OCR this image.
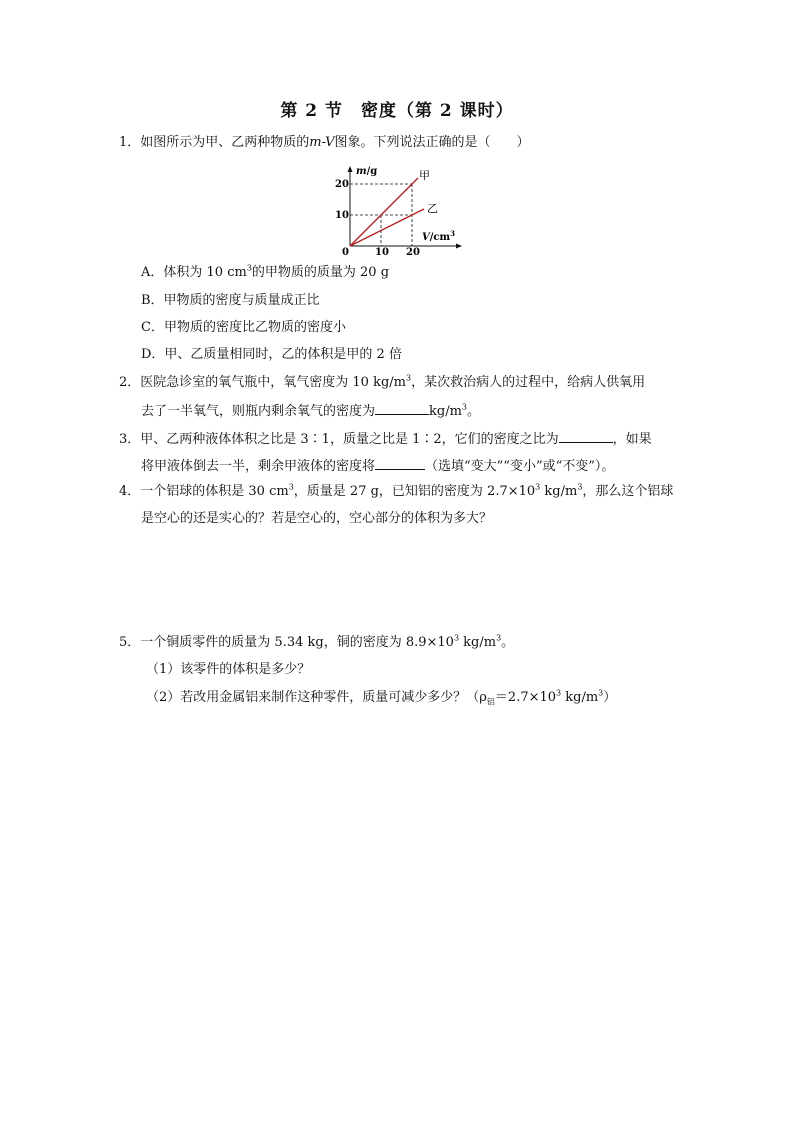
第 2 节　密度（第 2 课时）
1．如图所示为甲、乙两种物质的m-V图象。下列说法正确的是（　　）
m/g
$V/cm^3$
0	10 20
10
20
甲
乙
A．体积为 10 $cm^3$的甲物质的质量为 20 g
B．甲物质的密度与质量成正比
C．甲物质的密度比乙物质的密度小
D．甲、乙质量相同时，乙的体积是甲的 2 倍
2．医院急诊室的氧气瓶中，氧气密度为 10 $kg/m^3$，某次救治病人的过程中，给病人供氧用
去了一半氧气，则瓶内剩余氧气的密度为	$kg/m^3$。
3．甲、乙两种液体体积之比是 3∶1，质量之比是 1∶2，它们的密度之比为	，如果
将甲液体倒去一半，剩余甲液体的密度将	（选填“变大”“变小”或“不变”）。
4．一个铝球的体积是 30 $cm^3$，质量是 27 g，已知铝的密度为 $2.7\times 10^3$ $kg/m^3$，那么这个铝球
是空心的还是实心的？若是空心的，空心部分的体积为多大？
5．一个铜质零件的质量为 5.34 kg，铜的密度为 $8.9\times 10^3$ $kg/m^3$。
（1）该零件的体积是多少？
（2）若改用金属铝来制作这种零件，质量可减少多少？（$\rho_铝=2.7\times 10^3$ $kg/m^3$）
